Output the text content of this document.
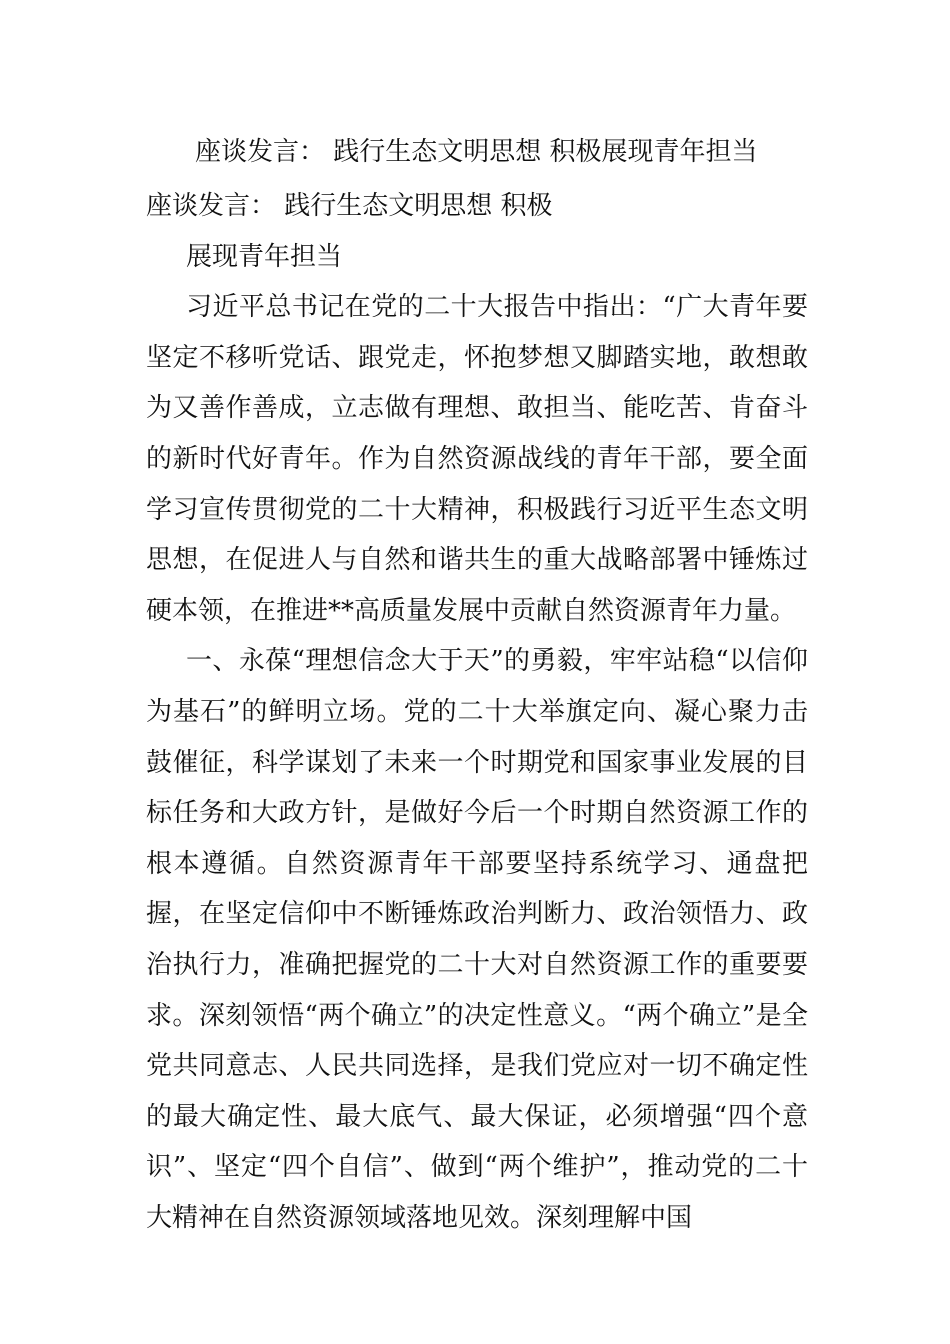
座谈发言： 践行生态文明思想 积极展现青年担当

座谈发言： 践行生态文明思想 积极

展现青年担当

习近平总书记在党的二十大报告中指出：“广大青年要坚定不移听党话、跟党走，怀抱梦想又脚踏实地，敢想敢为又善作善成，立志做有理想、敢担当、能吃苦、肯奋斗的新时代好青年。作为自然资源战线的青年干部，要全面学习宣传贯彻党的二十大精神，积极践行习近平生态文明思想，在促进人与自然和谐共生的重大战略部署中锤炼过硬本领，在推进**高质量发展中贡献自然资源青年力量。

一、永葆“理想信念大于天”的勇毅，牢牢站稳“以信仰为基石”的鲜明立场。党的二十大举旗定向、凝心聚力击鼓催征，科学谋划了未来一个时期党和国家事业发展的目标任务和大政方针，是做好今后一个时期自然资源工作的根本遵循。自然资源青年干部要坚持系统学习、通盘把握，在坚定信仰中不断锤炼政治判断力、政治领悟力、政治执行力，准确把握党的二十大对自然资源工作的重要要求。深刻领悟“两个确立”的决定性意义。“两个确立”是全党共同意志、人民共同选择，是我们党应对一切不确定性的最大确定性、最大底气、最大保证，必须增强“四个意识”、坚定“四个自信”、做到“两个维护”，推动党的二十大精神在自然资源领域落地见效。深刻理解中国
